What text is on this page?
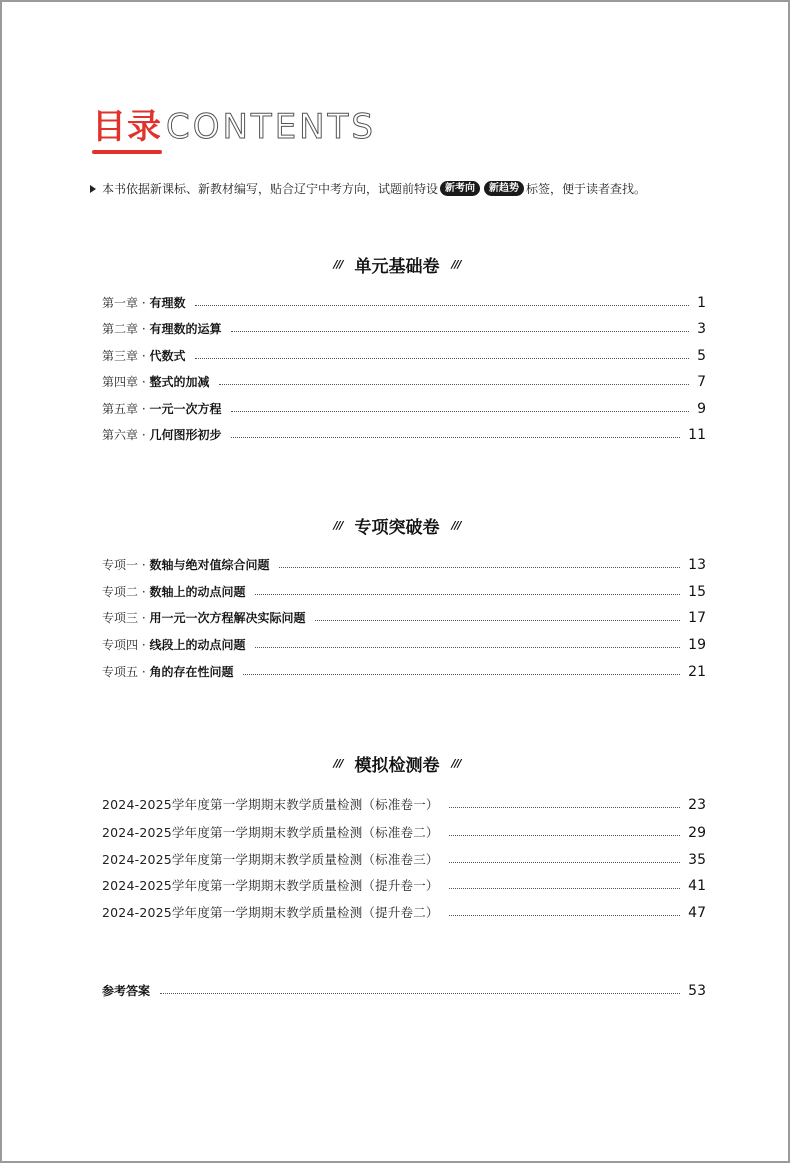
目录 CONTENTS
本书依据新课标、新教材编写，贴合辽宁中考方向，试题前特设 新考向	新趋势 标签，便于读者查找。
/// 单元基础卷 ///
第一章 · 有理数	1
第二章 · 有理数的运算	3
第三章 · 代数式	5
第四章 · 整式的加减	7
第五章 · 一元一次方程	9
第六章 · 几何图形初步	11
/// 专项突破卷 ///
专项一 · 数轴与绝对值综合问题	13
专项二 · 数轴上的动点问题	15
专项三 · 用一元一次方程解决实际问题	17
专项四 · 线段上的动点问题	19
专项五 · 角的存在性问题	21
/// 模拟检测卷 ///
2024-2025学年度第一学期期末教学质量检测（标准卷一）	23
2024-2025学年度第一学期期末教学质量检测（标准卷二）	29
2024-2025学年度第一学期期末教学质量检测（标准卷三）	35
2024-2025学年度第一学期期末教学质量检测（提升卷一）	41
2024-2025学年度第一学期期末教学质量检测（提升卷二）	47
参考答案	53
